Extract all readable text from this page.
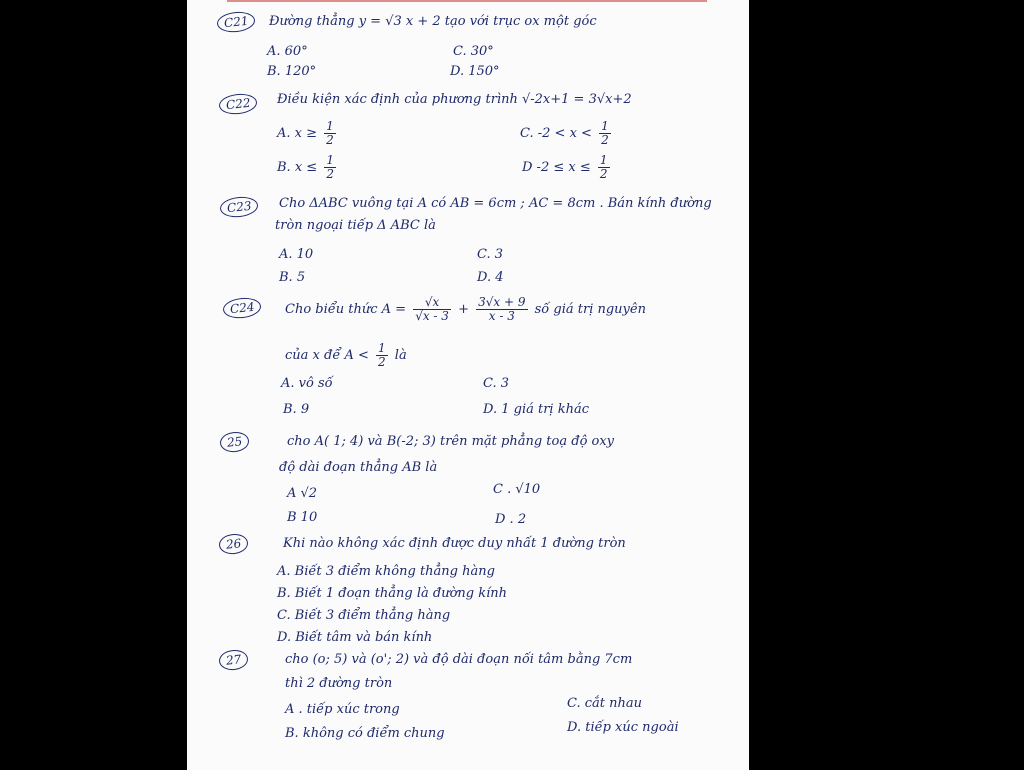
C21	Đường thẳng y = √3 x + 2 tạo với trục ox một góc
A. 60°
B. 120°
C. 30°
D. 150°
C22	Điều kiện xác định của phương trình √-2x+1 = 3√x+2
A. $x \ge \frac{1}{2}$
B. $x \le \frac{1}{2}$
C. $-2 < x < \frac{1}{2}$
D $-2 \le x \le \frac{1}{2}$
C23	Cho ΔABC vuông tại A có AB = 6cm ; AC = 8cm . Bán kính đường
tròn ngoại tiếp Δ ABC là
A. 10
B. 5
C. 3
D. 4
C24	Cho biểu thức $A = \frac{√x}{√x - 3} + \frac{3√x + 9}{x - 3}$ số giá trị nguyên
của x để $A < \frac{1}{2}$ là
A. vô số
B. 9
C. 3
D. 1 giá trị khác
25	cho A( 1; 4) và B(-2; 3) trên mặt phẳng toạ độ oxy
độ dài đoạn thẳng AB là
A √2
B 10
C . √10
D . 2
26	Khi nào không xác định được duy nhất 1 đường tròn
A. Biết 3 điểm không thẳng hàng
B. Biết 1 đoạn thẳng là đường kính
C. Biết 3 điểm thẳng hàng
D. Biết tâm và bán kính
27	cho (o; 5) và (o'; 2) và độ dài đoạn nối tâm bằng 7cm
thì 2 đường tròn
A . tiếp xúc trong
B. không có điểm chung
C. cắt nhau
D. tiếp xúc ngoài
